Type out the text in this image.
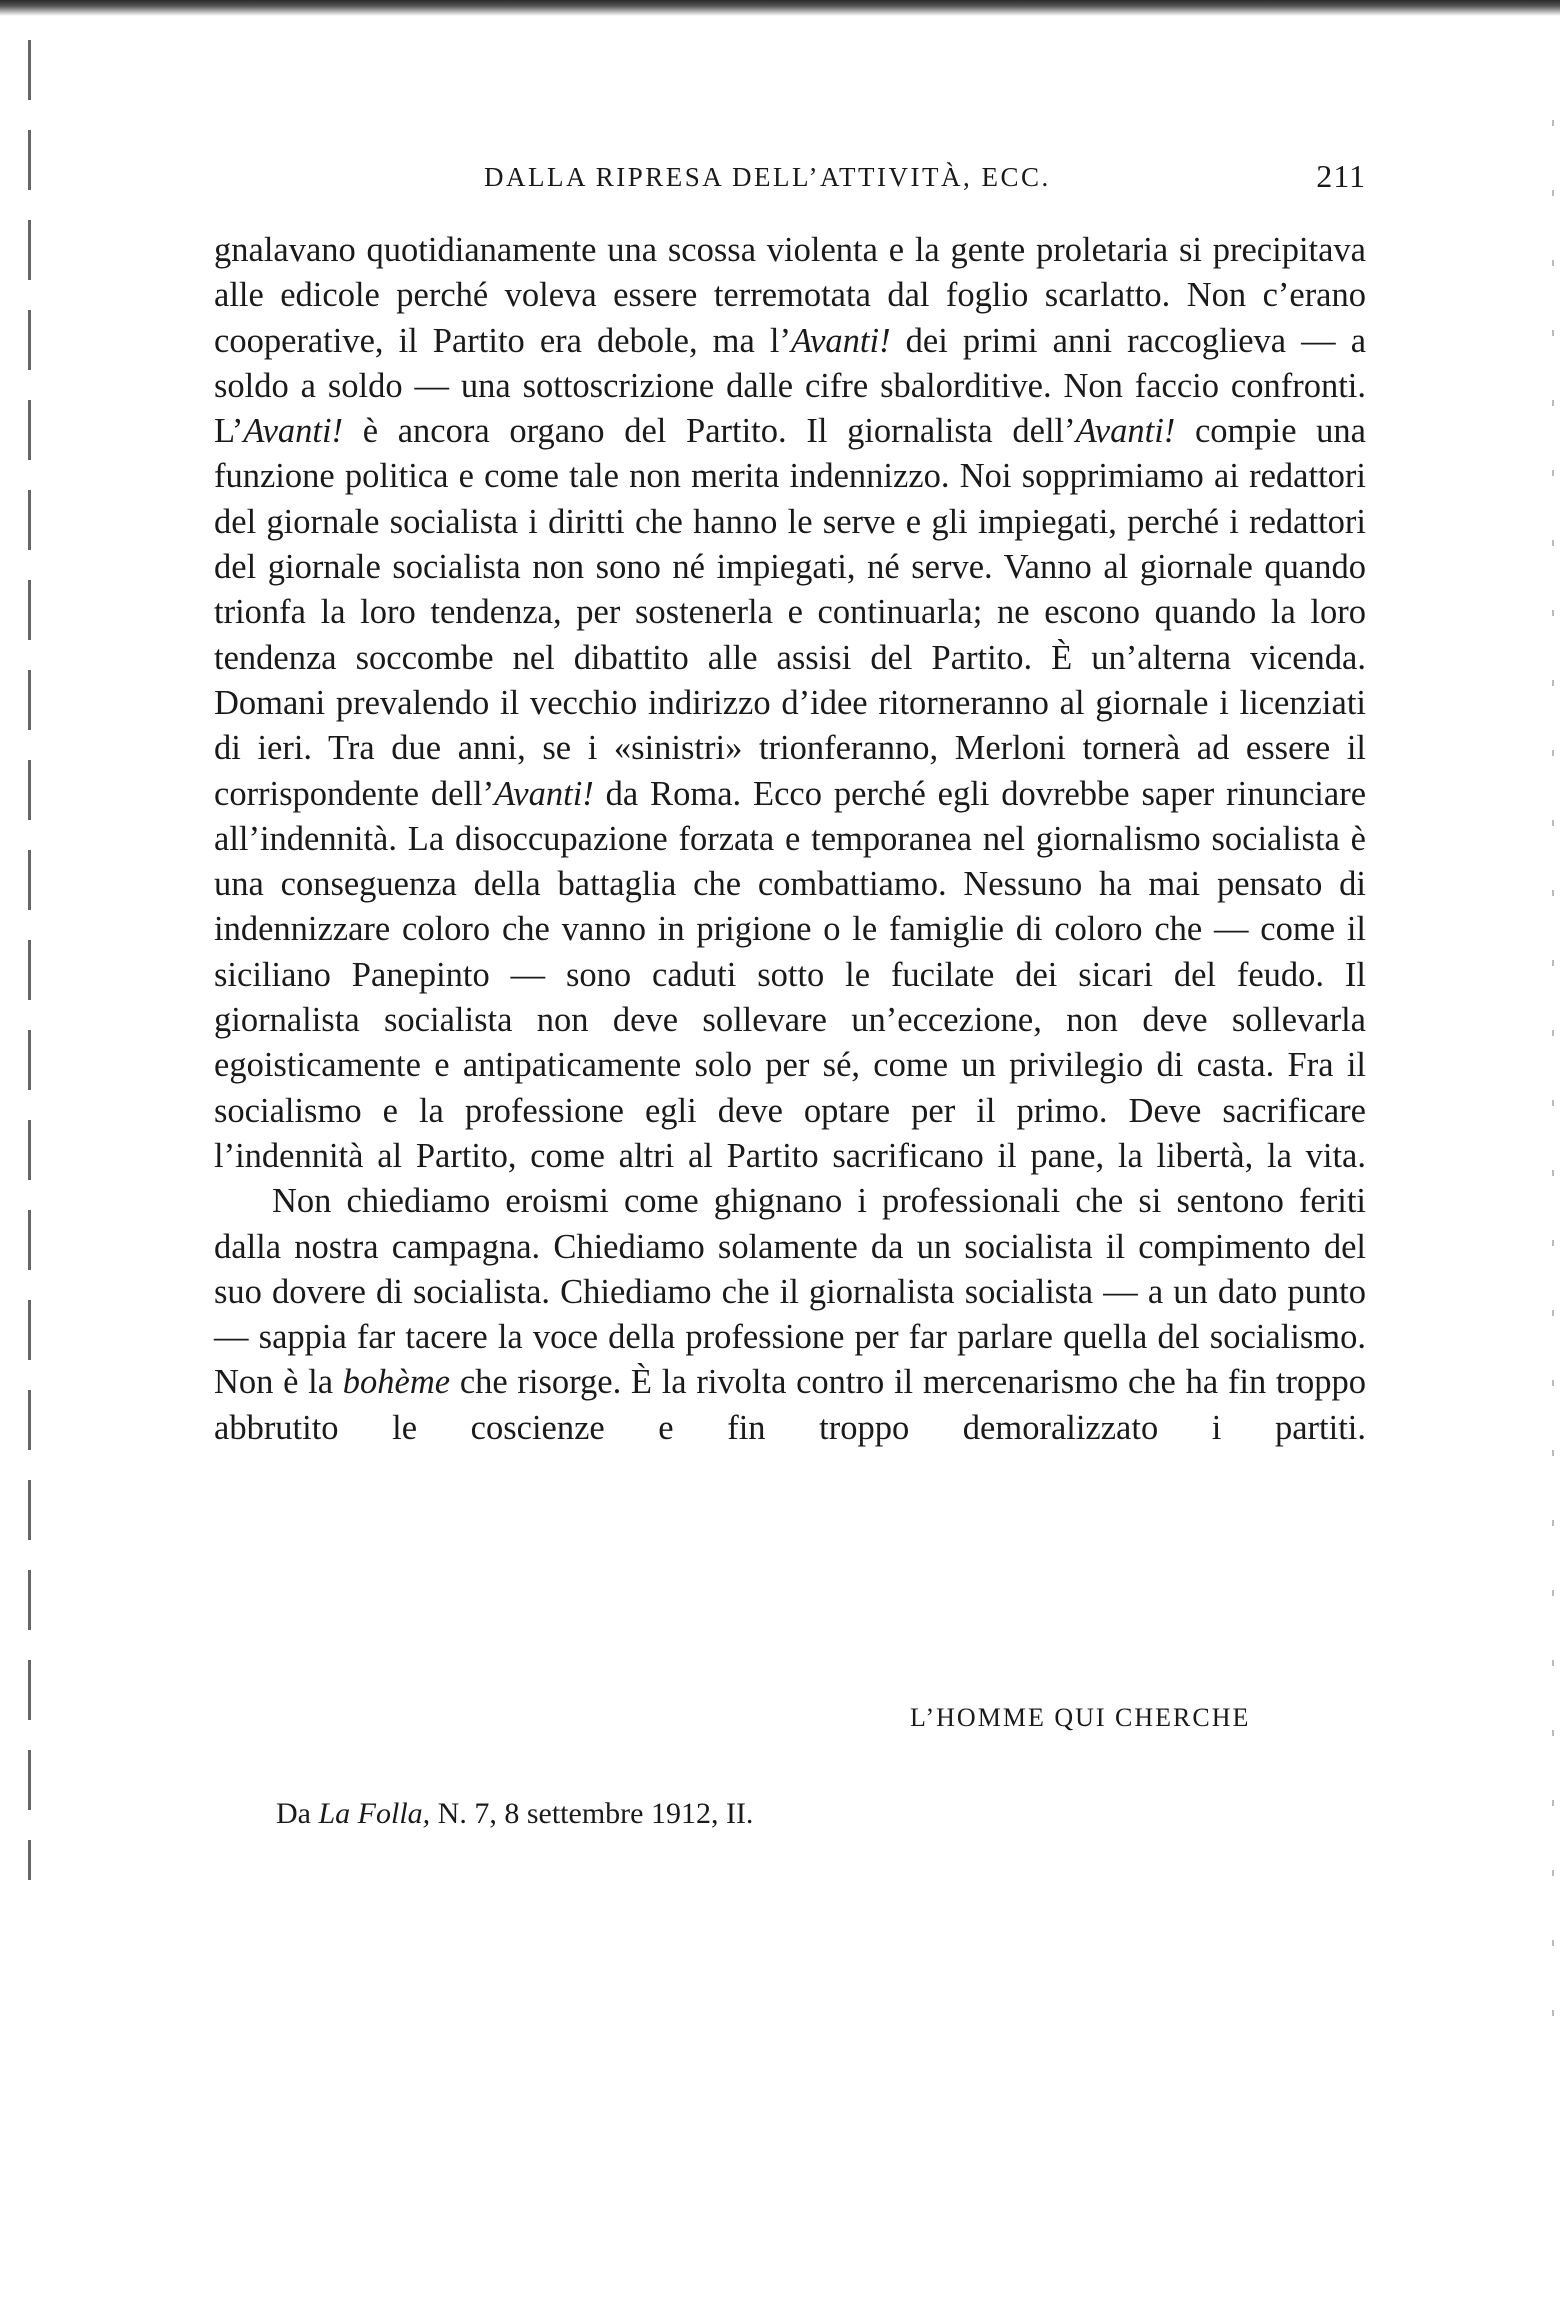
DALLA RIPRESA DELL’ATTIVITÀ, ECC.	211

gnalavano quotidianamente una scossa violenta e la gente proletaria si precipitava alle edicole perché voleva essere terremotata dal foglio scarlatto. Non c’erano cooperative, il Partito era debole, ma l’Avanti! dei primi anni raccoglieva — a soldo a soldo — una sottoscrizione dalle cifre sbalorditive. Non faccio confronti. L’Avanti! è ancora organo del Partito. Il giornalista dell’Avanti! compie una funzione politica e come tale non merita indennizzo. Noi sopprimiamo ai redattori del giornale socialista i diritti che hanno le serve e gli impiegati, perché i redattori del giornale socialista non sono né impiegati, né serve. Vanno al giornale quando trionfa la loro tendenza, per sostenerla e continuarla; ne escono quando la loro tendenza soccombe nel dibattito alle assisi del Partito. È un’alterna vicenda. Domani prevalendo il vecchio indirizzo d’idee ritorneranno al giornale i licenziati di ieri. Tra due anni, se i «sinistri» trionferanno, Merloni tornerà ad essere il corrispondente dell’Avanti! da Roma. Ecco perché egli dovrebbe saper rinunciare all’indennità. La disoccupazione forzata e temporanea nel giornalismo socialista è una conseguenza della battaglia che combattiamo. Nessuno ha mai pensato di indennizzare coloro che vanno in prigione o le famiglie di coloro che — come il siciliano Panepinto — sono caduti sotto le fucilate dei sicari del feudo. Il giornalista socialista non deve sollevare un’eccezione, non deve sollevarla egoisticamente e antipaticamente solo per sé, come un privilegio di casta. Fra il socialismo e la professione egli deve optare per il primo. Deve sacrificare l’indennità al Partito, come altri al Partito sacrificano il pane, la libertà, la vita.

Non chiediamo eroismi come ghignano i professionali che si sentono feriti dalla nostra campagna. Chiediamo solamente da un socialista il compimento del suo dovere di socialista. Chiediamo che il giornalista socialista — a un dato punto — sappia far tacere la voce della professione per far parlare quella del socialismo. Non è la bohème che risorge. È la rivolta contro il mercenarismo che ha fin troppo abbrutito le coscienze e fin troppo demoralizzato i partiti.

L’HOMME QUI CHERCHE
Da La Folla, N. 7, 8 settembre 1912, II.
